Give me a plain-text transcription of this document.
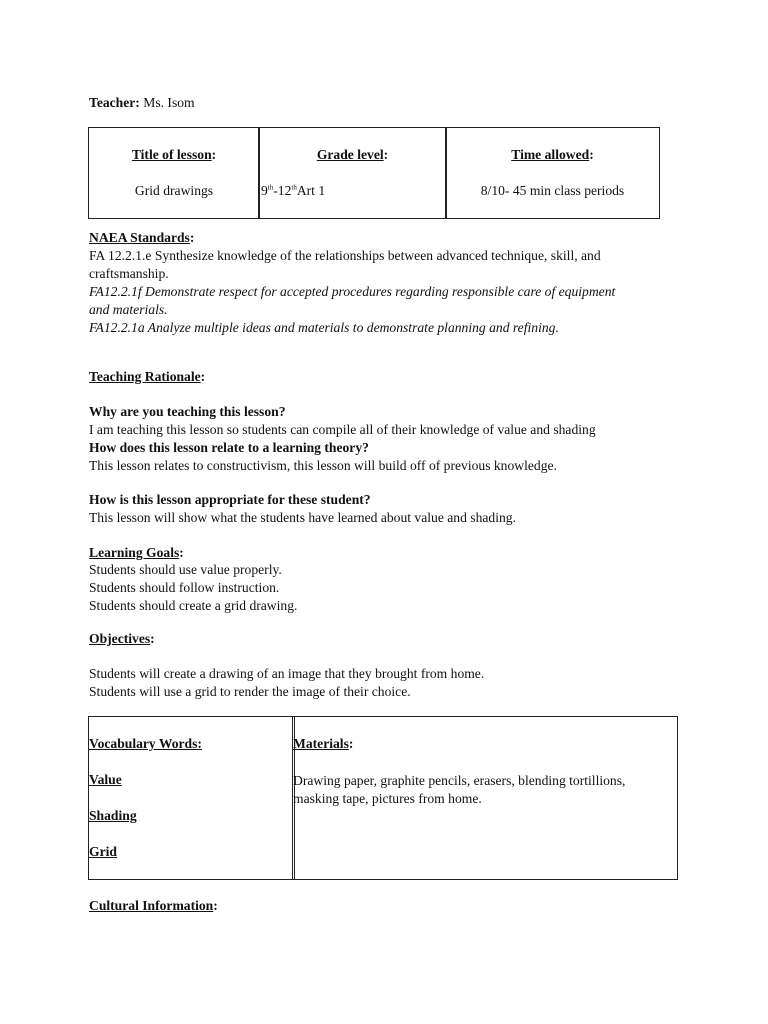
Teacher: Ms. Isom
Title of lesson:
Grid drawings
Grade level:
9th-12thArt 1
Time allowed:
8/10- 45 min class periods
NAEA Standards:
FA 12.2.1.e Synthesize knowledge of the relationships between advanced technique, skill, and
craftsmanship.
FA12.2.1f Demonstrate respect for accepted procedures regarding responsible care of equipment
and materials.
FA12.2.1a Analyze multiple ideas and materials to demonstrate planning and refining.
Teaching Rationale:
Why are you teaching this lesson?
I am teaching this lesson so students can compile all of their knowledge of value and shading
How does this lesson relate to a learning theory?
This lesson relates to constructivism, this lesson will build off of previous knowledge.
How is this lesson appropriate for these student?
This lesson will show what the students have learned about value and shading.
Learning Goals:
Students should use value properly.
Students should follow instruction.
Students should create a grid drawing.
Objectives:
Students will create a drawing of an image that they brought from home.
Students will use a grid to render the image of their choice.
Vocabulary Words:
Value
Shading
Grid
Materials:
Drawing paper, graphite pencils, erasers, blending tortillions,
masking tape, pictures from home.
Cultural Information:
